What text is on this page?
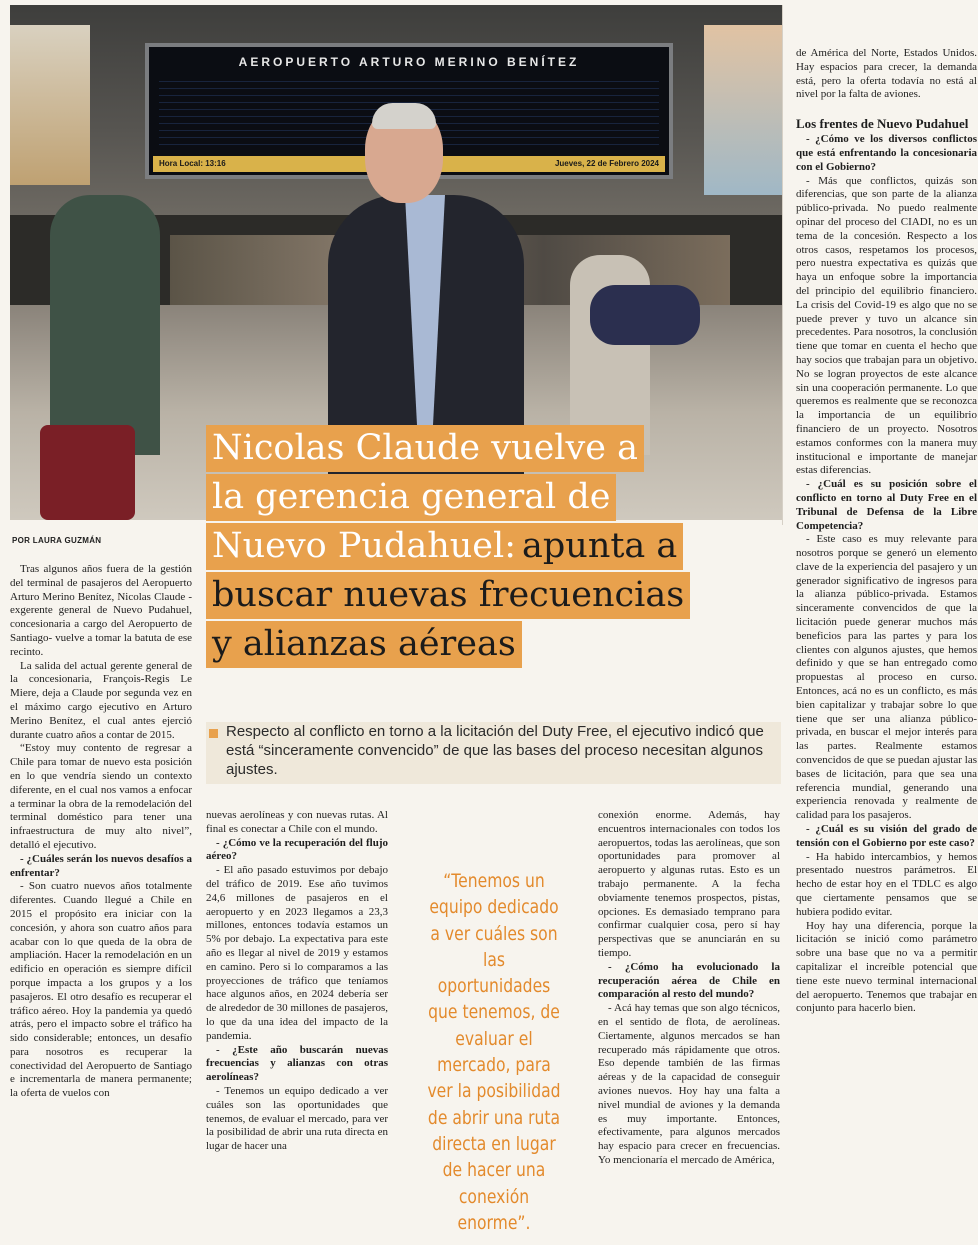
AEROPUERTO ARTURO MERINO BENÍTEZ
Hora Local: 13:16	Jueves, 22 de Febrero 2024
Nicolas Claude vuelve a
la gerencia general de
Nuevo Pudahuel: apunta a
buscar nuevas frecuencias
y alianzas aéreas
POR LAURA GUZMÁN

Tras algunos años fuera de la gestión del terminal de pasajeros del Aeropuerto Arturo Merino Benítez, Nicolas Claude -exgerente general de Nuevo Pudahuel, concesionaria a cargo del Aeropuerto de Santiago- vuelve a tomar la batuta de ese recinto.

La salida del actual gerente general de la concesionaria, François-Regis Le Miere, deja a Claude por segunda vez en el máximo cargo ejecutivo en Arturo Merino Benítez, el cual antes ejerció durante cuatro años a contar de 2015.

“Estoy muy contento de regresar a Chile para tomar de nuevo esta posición en lo que vendría siendo un contexto diferente, en el cual nos vamos a enfocar a terminar la obra de la remodelación del terminal doméstico para tener una infraestructura de muy alto nivel”, detalló el ejecutivo.

- ¿Cuáles serán los nuevos desafíos a enfrentar?

- Son cuatro nuevos años totalmente diferentes. Cuando llegué a Chile en 2015 el propósito era iniciar con la concesión, y ahora son cuatro años para acabar con lo que queda de la obra de ampliación. Hacer la remodelación en un edificio en operación es siempre difícil porque impacta a los grupos y a los pasajeros. El otro desafío es recuperar el tráfico aéreo. Hoy la pandemia ya quedó atrás, pero el impacto sobre el tráfico ha sido considerable; entonces, un desafío para nosotros es recuperar la conectividad del Aeropuerto de Santiago e incrementarla de manera permanente; la oferta de vuelos con

Respecto al conflicto en torno a la licitación del Duty Free, el ejecutivo indicó que está “sinceramente convencido” de que las bases del proceso necesitan algunos ajustes.

nuevas aerolíneas y con nuevas rutas. Al final es conectar a Chile con el mundo.

- ¿Cómo ve la recuperación del flujo aéreo?

- El año pasado estuvimos por debajo del tráfico de 2019. Ese año tuvimos 24,6 millones de pasajeros en el aeropuerto y en 2023 llegamos a 23,3 millones, entonces todavía estamos un 5% por debajo. La expectativa para este año es llegar al nivel de 2019 y estamos en camino. Pero si lo comparamos a las proyecciones de tráfico que teníamos hace algunos años, en 2024 debería ser de alrededor de 30 millones de pasajeros, lo que da una idea del impacto de la pandemia.

- ¿Este año buscarán nuevas frecuencias y alianzas con otras aerolíneas?

- Tenemos un equipo dedicado a ver cuáles son las oportunidades que tenemos, de evaluar el mercado, para ver la posibilidad de abrir una ruta directa en lugar de hacer una

“Tenemos un equipo dedicado a ver cuáles son las oportunidades que tenemos, de evaluar el mercado, para ver la posibilidad de abrir una ruta directa en lugar de hacer una conexión enorme”.

conexión enorme. Además, hay encuentros internacionales con todos los aeropuertos, todas las aerolíneas, que son oportunidades para promover al aeropuerto y algunas rutas. Esto es un trabajo permanente. A la fecha obviamente tenemos prospectos, pistas, opciones. Es demasiado temprano para confirmar cualquier cosa, pero sí hay perspectivas que se anunciarán en su tiempo.

- ¿Cómo ha evolucionado la recuperación aérea de Chile en comparación al resto del mundo?

- Acá hay temas que son algo técnicos, en el sentido de flota, de aerolíneas. Ciertamente, algunos mercados se han recuperado más rápidamente que otros. Eso depende también de las firmas aéreas y de la capacidad de conseguir aviones nuevos. Hoy hay una falta a nivel mundial de aviones y la demanda es muy importante. Entonces, efectivamente, para algunos mercados hay espacio para crecer en frecuencias. Yo mencionaría el mercado de América,

de América del Norte, Estados Unidos. Hay espacios para crecer, la demanda está, pero la oferta todavía no está al nivel por la falta de aviones.

Los frentes de Nuevo Pudahuel

- ¿Cómo ve los diversos conflictos que está enfrentando la concesionaria con el Gobierno?

- Más que conflictos, quizás son diferencias, que son parte de la alianza público-privada. No puedo realmente opinar del proceso del CIADI, no es un tema de la concesión. Respecto a los otros casos, respetamos los procesos, pero nuestra expectativa es quizás que haya un enfoque sobre la importancia del principio del equilibrio financiero. La crisis del Covid-19 es algo que no se puede prever y tuvo un alcance sin precedentes. Para nosotros, la conclusión tiene que tomar en cuenta el hecho que hay socios que trabajan para un objetivo. No se logran proyectos de este alcance sin una cooperación permanente. Lo que queremos es realmente que se reconozca la importancia de un equilibrio financiero de un proyecto. Nosotros estamos conformes con la manera muy institucional e importante de manejar estas diferencias.

- ¿Cuál es su posición sobre el conflicto en torno al Duty Free en el Tribunal de Defensa de la Libre Competencia?

- Este caso es muy relevante para nosotros porque se generó un elemento clave de la experiencia del pasajero y un generador significativo de ingresos para la alianza público-privada. Estamos sinceramente convencidos de que la licitación puede generar muchos más beneficios para las partes y para los clientes con algunos ajustes, que hemos definido y que se han entregado como propuestas al proceso en curso. Entonces, acá no es un conflicto, es más bien capitalizar y trabajar sobre lo que tiene que ser una alianza público-privada, en buscar el mejor interés para las partes. Realmente estamos convencidos de que se puedan ajustar las bases de licitación, para que sea una referencia mundial, generando una experiencia renovada y realmente de calidad para los pasajeros.

- ¿Cuál es su visión del grado de tensión con el Gobierno por este caso?

- Ha habido intercambios, y hemos presentado nuestros parámetros. El hecho de estar hoy en el TDLC es algo que ciertamente pensamos que se hubiera podido evitar.

Hoy hay una diferencia, porque la licitación se inició como parámetro sobre una base que no va a permitir capitalizar el increíble potencial que tiene este nuevo terminal internacional del aeropuerto. Tenemos que trabajar en conjunto para hacerlo bien.
